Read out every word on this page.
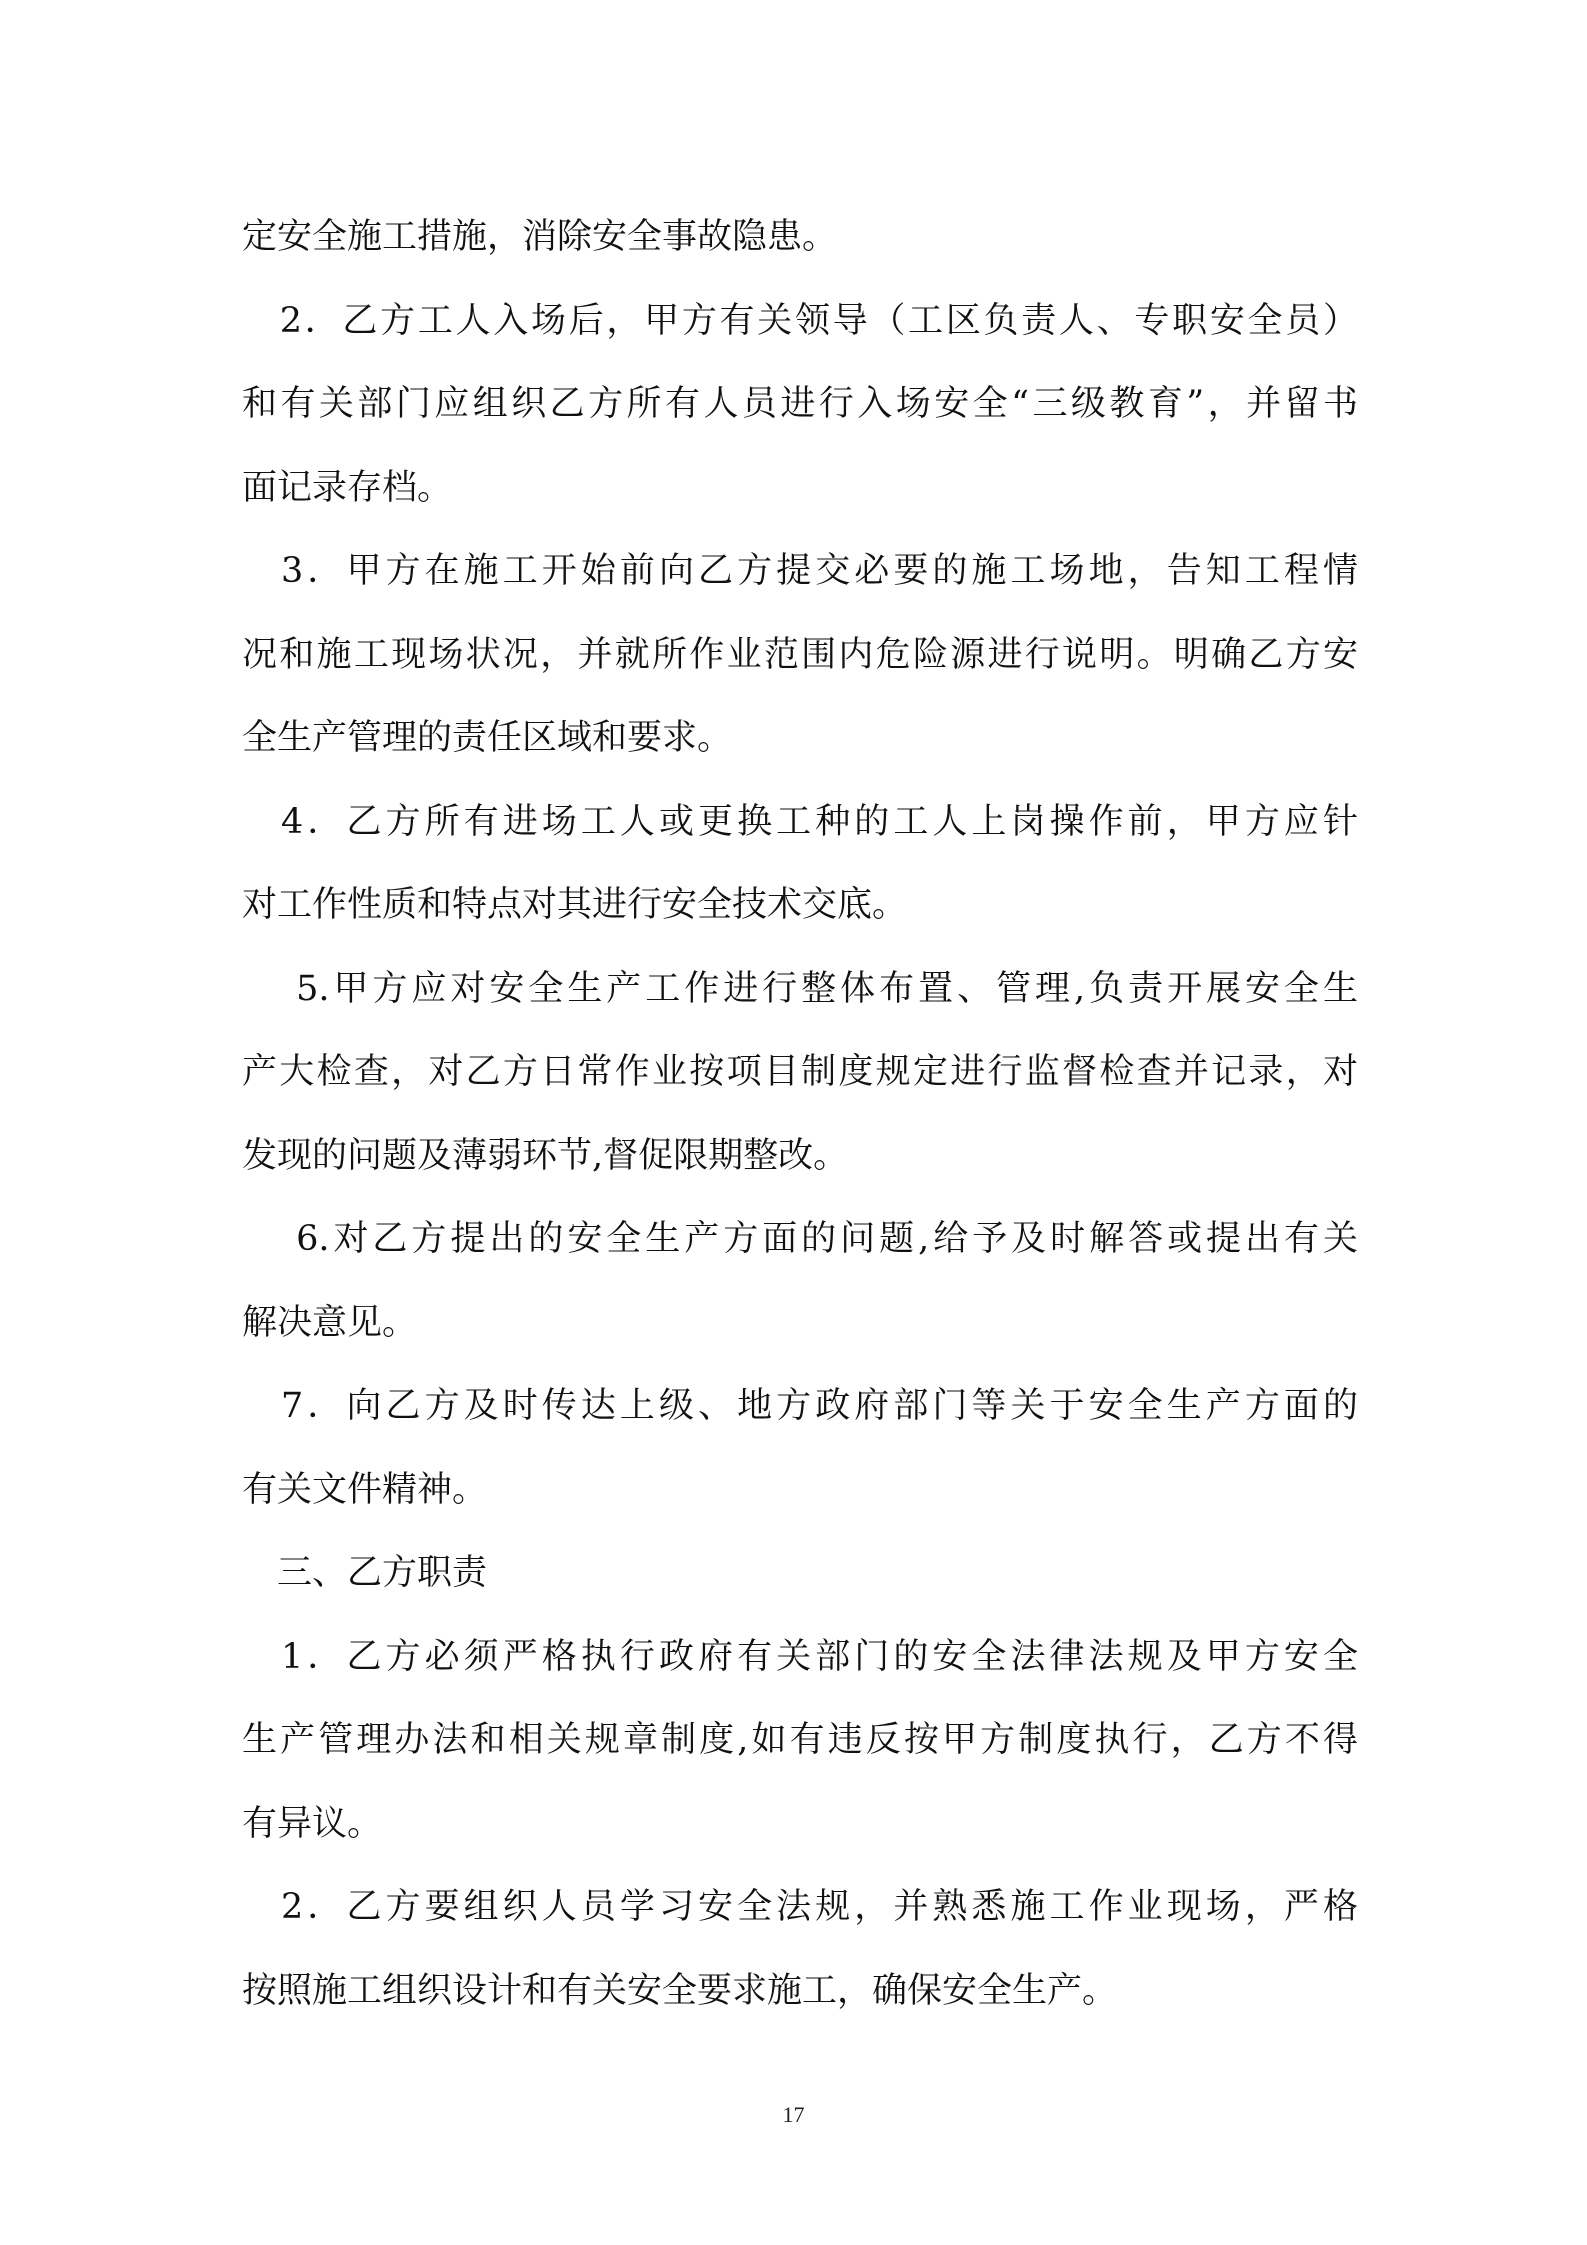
定安全施工措施，消除安全事故隐患。
　2．乙方工人入场后，甲方有关领导（工区负责人、专职安全员）
和有关部门应组织乙方所有人员进行入场安全“三级教育”，并留书
面记录存档。
　3．甲方在施工开始前向乙方提交必要的施工场地，告知工程情
况和施工现场状况，并就所作业范围内危险源进行说明。明确乙方安
全生产管理的责任区域和要求。
　4．乙方所有进场工人或更换工种的工人上岗操作前，甲方应针
对工作性质和特点对其进行安全技术交底。
　 5.甲方应对安全生产工作进行整体布置、管理,负责开展安全生
产大检查，对乙方日常作业按项目制度规定进行监督检查并记录，对
发现的问题及薄弱环节,督促限期整改。
　 6.对乙方提出的安全生产方面的问题,给予及时解答或提出有关
解决意见。
　7．向乙方及时传达上级、地方政府部门等关于安全生产方面的
有关文件精神。
　三、乙方职责
　1．乙方必须严格执行政府有关部门的安全法律法规及甲方安全
生产管理办法和相关规章制度,如有违反按甲方制度执行，乙方不得
有异议。
　2．乙方要组织人员学习安全法规，并熟悉施工作业现场，严格
按照施工组织设计和有关安全要求施工，确保安全生产。
17
